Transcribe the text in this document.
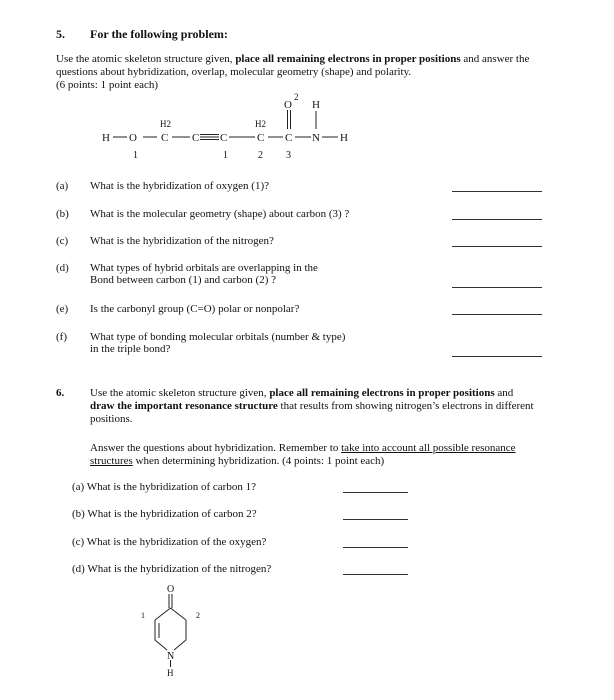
5. For the following problem:
Use the atomic skeleton structure given, place all remaining electrons in proper positions and answer the
questions about hybridization, overlap, molecular geometry (shape) and polarity.
(6 points: 1 point each)
H O
H2
C C C
H2
C
O
2
C N H
H
1	1	2 3
(a) What is the hybridization of oxygen (1)?
(b) What is the molecular geometry (shape) about carbon (3) ?
(c) What is the hybridization of the nitrogen?
(d) What types of hybrid orbitals are overlapping in the
Bond between carbon (1) and carbon (2) ?
(e) Is the carbonyl group (C=O) polar or nonpolar?
(f) What type of bonding molecular orbitals (number & type)
in the triple bond?
6. Use the atomic skeleton structure given, place all remaining electrons in proper positions and
draw the important resonance structure that results from showing nitrogen’s electrons in different
positions.
Answer the questions about hybridization. Remember to take into account all possible resonance
structures when determining hybridization. (4 points: 1 point each)
(a) What is the hybridization of carbon 1?
(b) What is the hybridization of carbon 2?
(c) What is the hybridization of the oxygen?
(d) What is the hybridization of the nitrogen?
O
N
H
1	2
